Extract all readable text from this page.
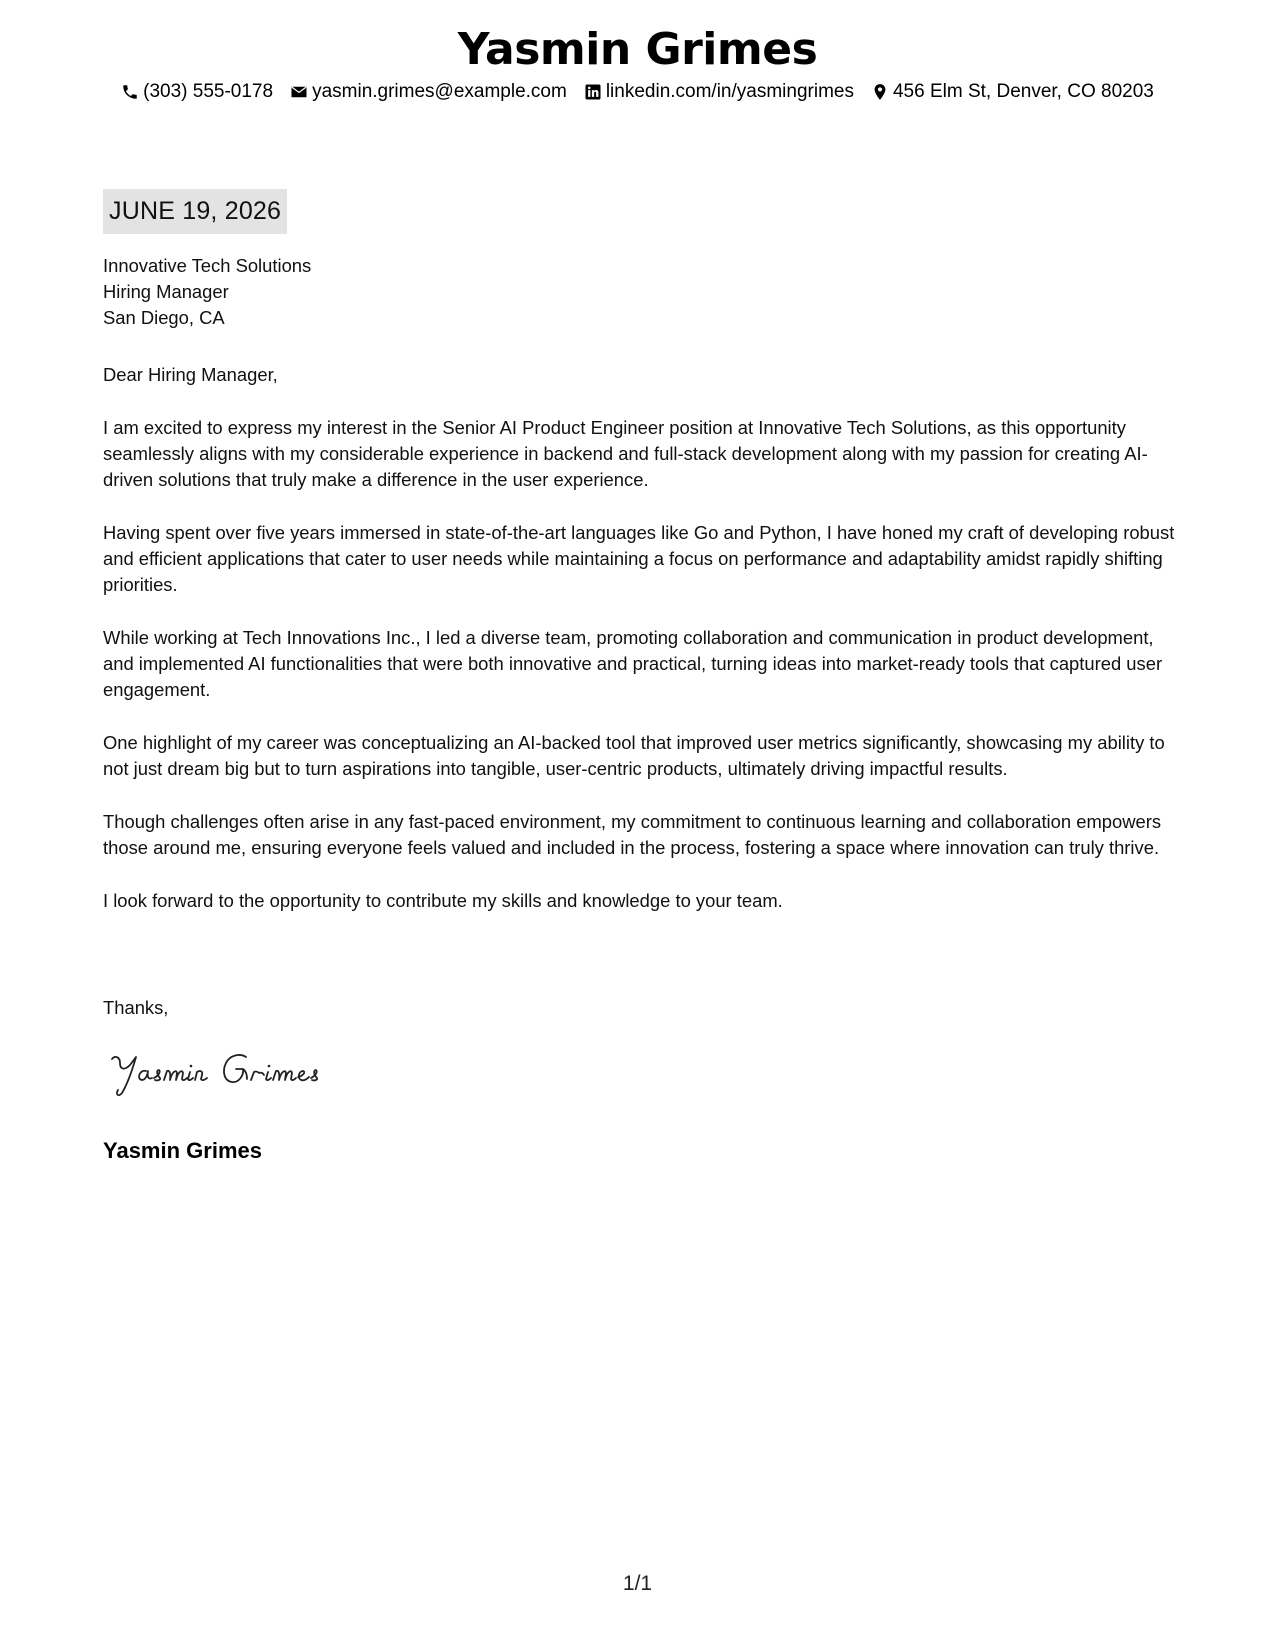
Yasmin Grimes
(303) 555-0178 yasmin.grimes@example.com linkedin.com/in/yasmingrimes 456 Elm St, Denver, CO 80203
JUNE 19, 2026
Innovative Tech Solutions
Hiring Manager
San Diego, CA
Dear Hiring Manager,

I am excited to express my interest in the Senior AI Product Engineer position at Innovative Tech Solutions, as this opportunity seamlessly aligns with my considerable experience in backend and full-stack development along with my passion for creating AI-driven solutions that truly make a difference in the user experience.

Having spent over five years immersed in state-of-the-art languages like Go and Python, I have honed my craft of developing robust and efficient applications that cater to user needs while maintaining a focus on performance and adaptability amidst rapidly shifting priorities.

While working at Tech Innovations Inc., I led a diverse team, promoting collaboration and communication in product development, and implemented AI functionalities that were both innovative and practical, turning ideas into market-ready tools that captured user engagement.

One highlight of my career was conceptualizing an AI-backed tool that improved user metrics significantly, showcasing my ability to not just dream big but to turn aspirations into tangible, user-centric products, ultimately driving impactful results.

Though challenges often arise in any fast-paced environment, my commitment to continuous learning and collaboration empowers those around me, ensuring everyone feels valued and included in the process, fostering a space where innovation can truly thrive.

I look forward to the opportunity to contribute my skills and knowledge to your team.

Thanks,
Yasmin Grimes
1/1
